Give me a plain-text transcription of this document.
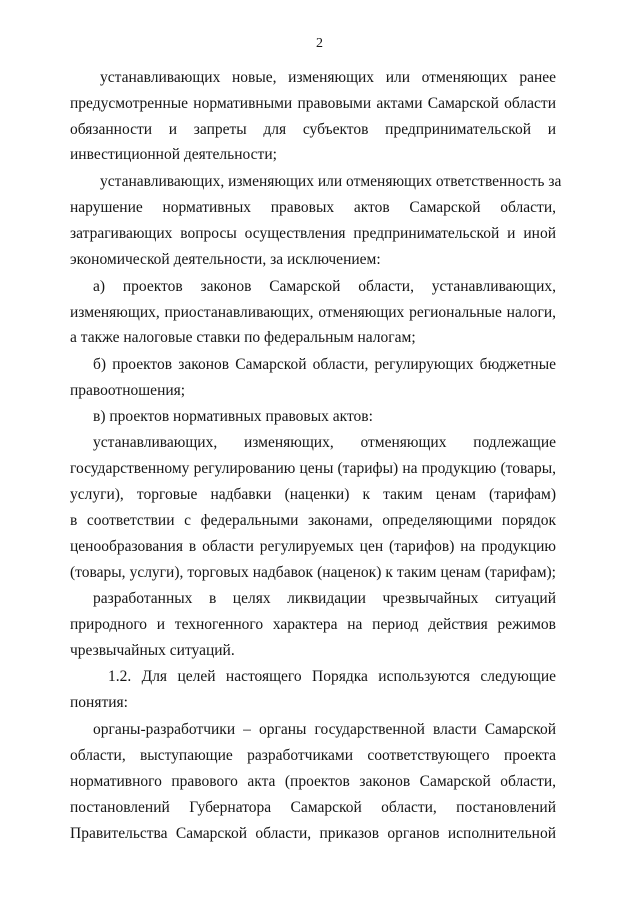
2
устанавливающих новые, изменяющих или отменяющих ранее
предусмотренные нормативными правовыми актами Самарской области
обязанности и запреты для субъектов предпринимательской и
инвестиционной деятельности;
устанавливающих, изменяющих или отменяющих ответственность за
нарушение нормативных правовых актов Самарской области,
затрагивающих вопросы осуществления предпринимательской и иной
экономической деятельности, за исключением:
а) проектов законов Самарской области, устанавливающих,
изменяющих, приостанавливающих, отменяющих региональные налоги,
а также налоговые ставки по федеральным налогам;
б) проектов законов Самарской области, регулирующих бюджетные
правоотношения;
в) проектов нормативных правовых актов:
устанавливающих, изменяющих, отменяющих подлежащие
государственному регулированию цены (тарифы) на продукцию (товары,
услуги), торговые надбавки (наценки) к таким ценам (тарифам)
в соответствии с федеральными законами, определяющими порядок
ценообразования в области регулируемых цен (тарифов) на продукцию
(товары, услуги), торговых надбавок (наценок) к таким ценам (тарифам);
разработанных в целях ликвидации чрезвычайных ситуаций
природного и техногенного характера на период действия режимов
чрезвычайных ситуаций.
1.2. Для целей настоящего Порядка используются следующие
понятия:
органы-разработчики – органы государственной власти Самарской
области, выступающие разработчиками соответствующего проекта
нормативного правового акта (проектов законов Самарской области,
постановлений Губернатора Самарской области, постановлений
Правительства Самарской области, приказов органов исполнительной
